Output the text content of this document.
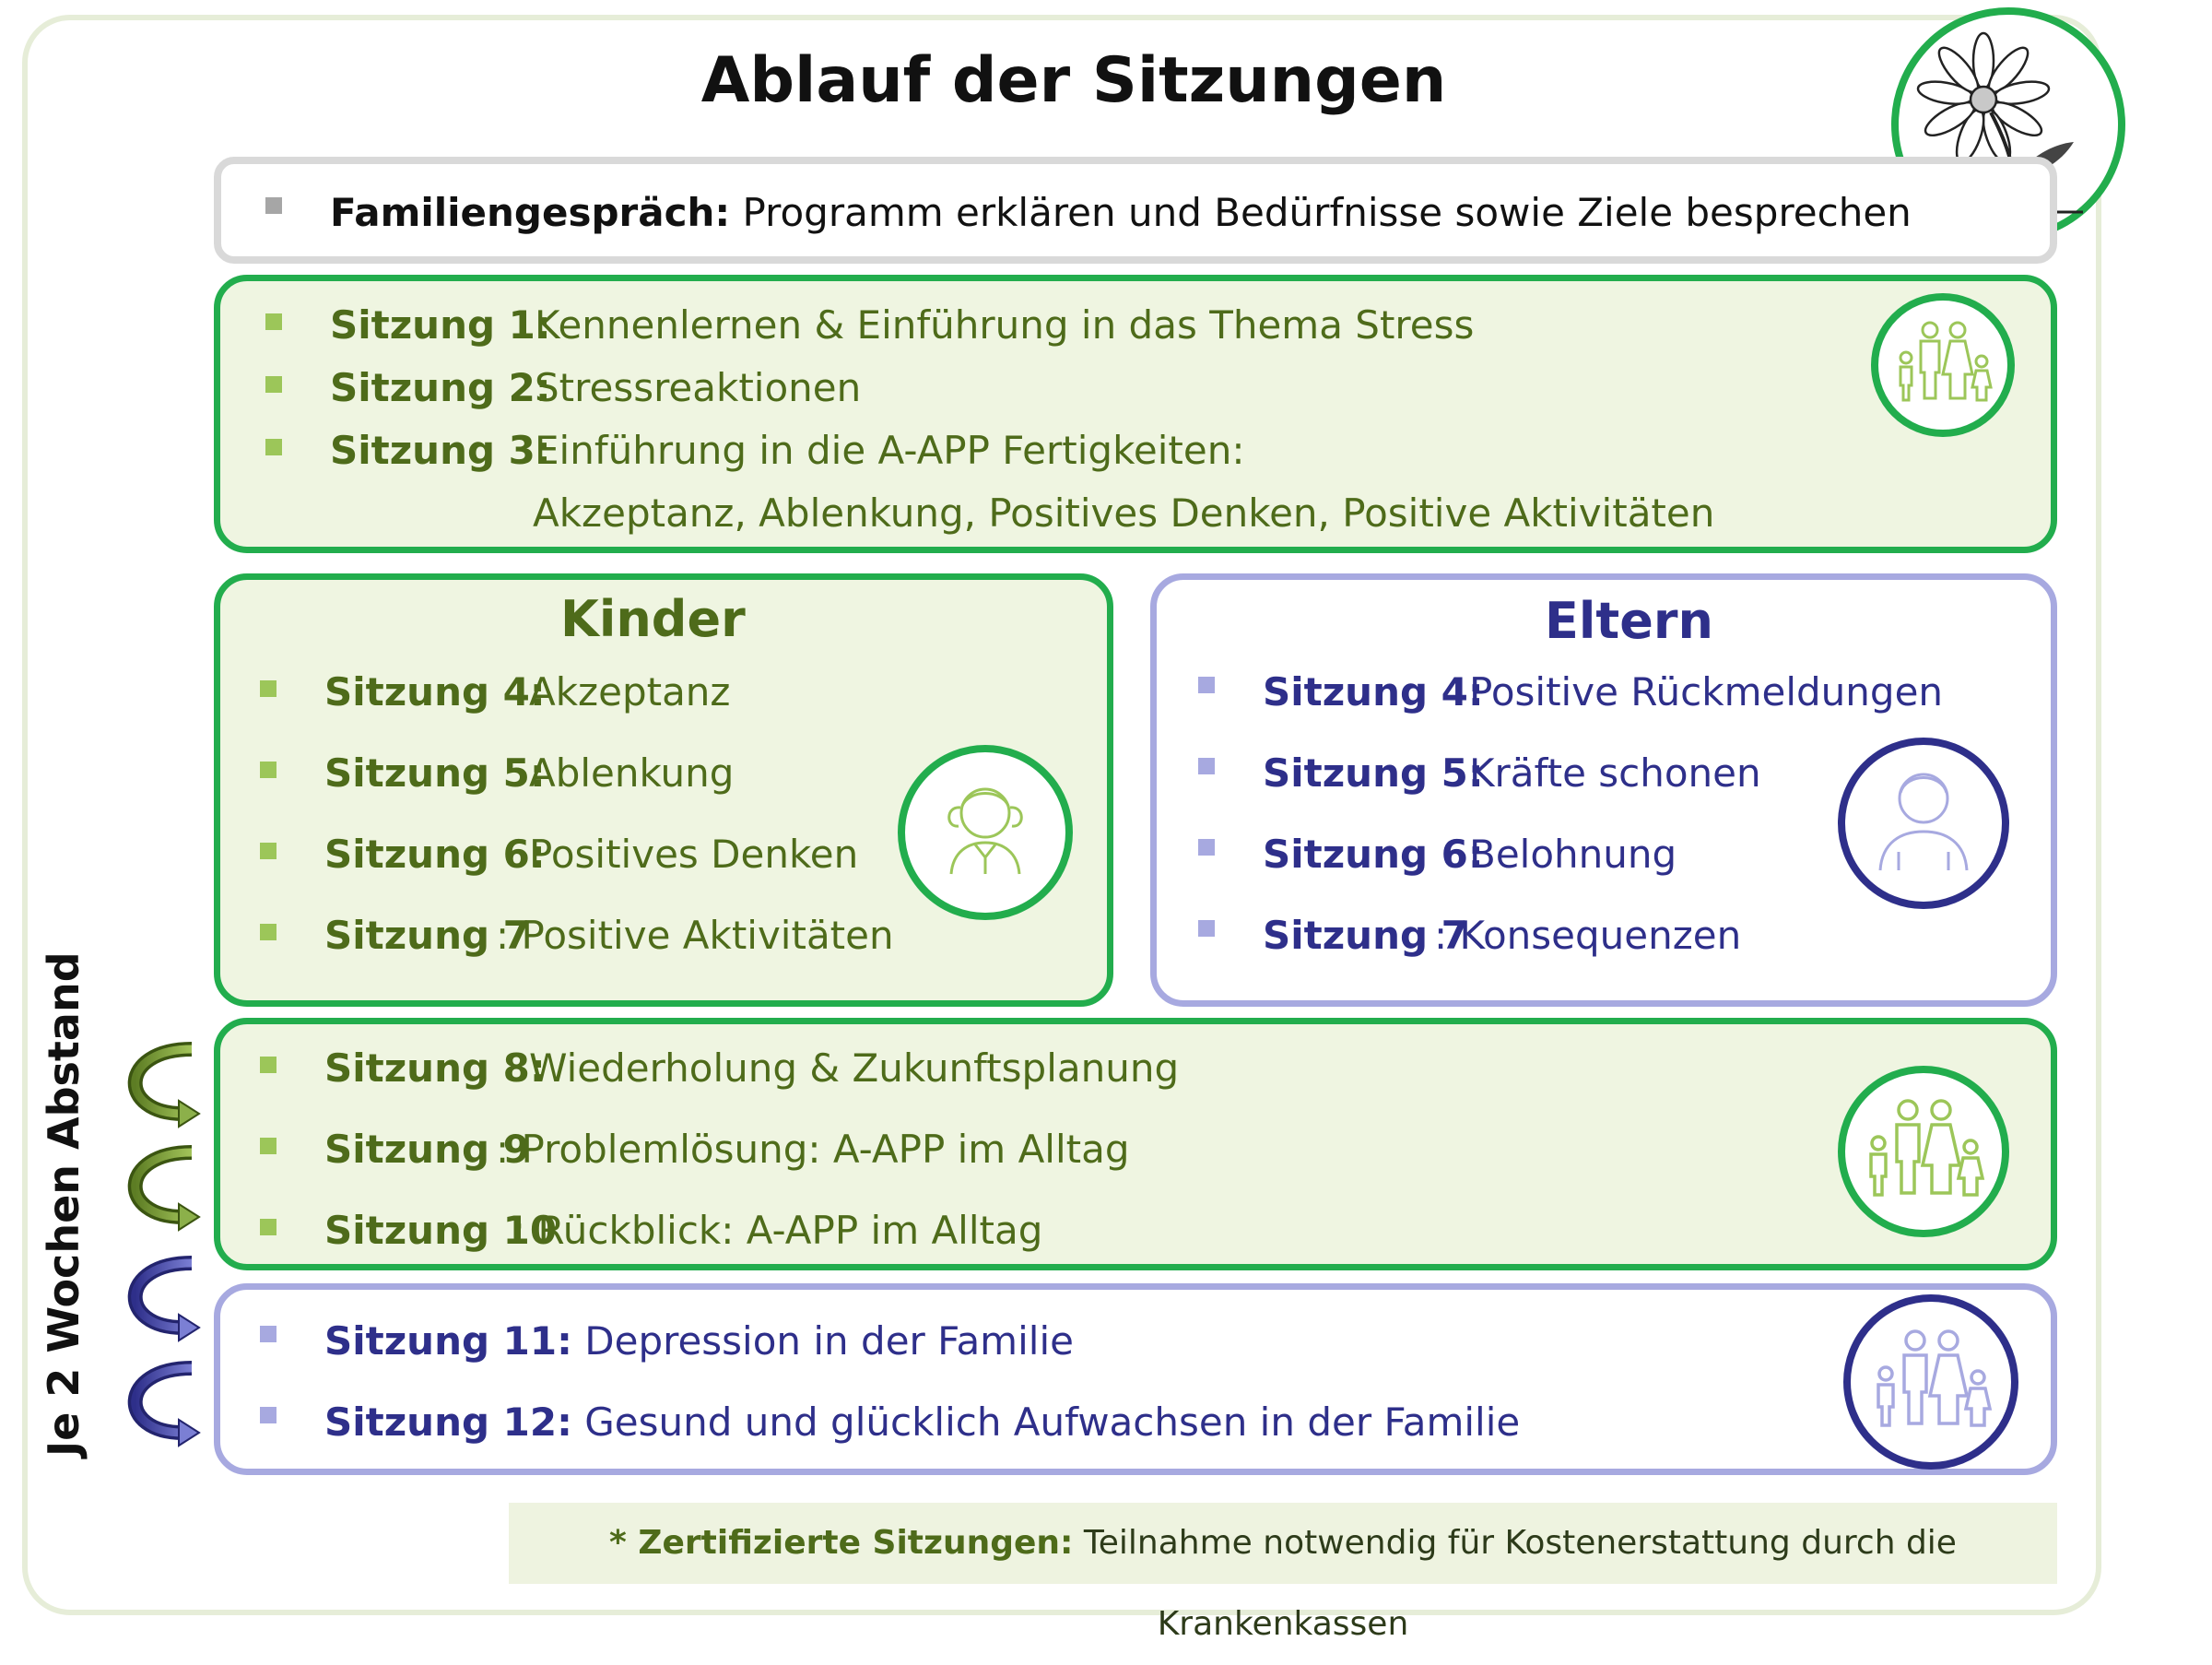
Ablauf der Sitzungen
Familiengespräch: Programm erklären und Bedürfnisse sowie Ziele besprechen
Sitzung 1:
Kennenlernen & Einführung in das Thema Stress
Sitzung 2:
Stressreaktionen
Sitzung 3:
Einführung in die A-APP Fertigkeiten:
Akzeptanz, Ablenkung, Positives Denken, Positive Aktivitäten
Kinder
Sitzung 4:
Akzeptanz
Sitzung 5:
Ablenkung
Sitzung 6:
Positives Denken
Sitzung 7
: Positive Aktivitäten
Eltern
Sitzung 4:
Positive Rückmeldungen
Sitzung 5:
Kräfte schonen
Sitzung 6:
Belohnung
Sitzung 7
: Konsequenzen
Sitzung 8:
Wiederholung & Zukunftsplanung
Sitzung 9
: Problemlösung: A-APP im Alltag
Sitzung 10
: Rückblick: A-APP im Alltag
Sitzung 11: Depression in der Familie
Sitzung 12: Gesund und glücklich Aufwachsen in der Familie
Je 2 Wochen Abstand
* Zertifizierte Sitzungen: Teilnahme notwendig für Kostenerstattung durch die Krankenkassen
